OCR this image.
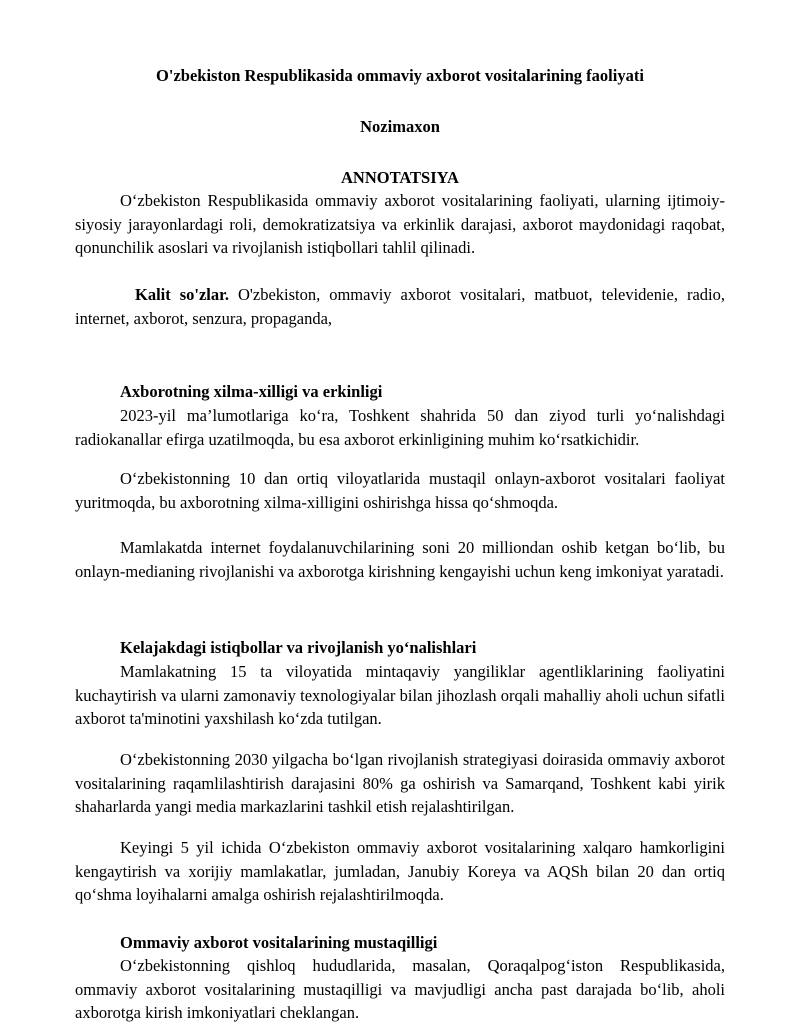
O'zbekiston Respublikasida ommaviy axborot vositalarining faoliyati
Nozimaxon
ANNOTATSIYA

O‘zbekiston Respublikasida ommaviy axborot vositalarining faoliyati, ularning ijtimoiy-siyosiy jarayonlardagi roli, demokratizatsiya va erkinlik darajasi, axborot maydonidagi raqobat, qonunchilik asoslari va rivojlanish istiqbollari tahlil qilinadi.

Kalit so'zlar. O'zbekiston, ommaviy axborot vositalari, matbuot, televidenie, radio, internet, axborot, senzura, propaganda,

Axborotning xilma-xilligi va erkinligi

2023-yil ma’lumotlariga ko‘ra, Toshkent shahrida 50 dan ziyod turli yo‘nalishdagi radiokanallar efirga uzatilmoqda, bu esa axborot erkinligining muhim ko‘rsatkichidir.

O‘zbekistonning 10 dan ortiq viloyatlarida mustaqil onlayn-axborot vositalari faoliyat yuritmoqda, bu axborotning xilma-xilligini oshirishga hissa qo‘shmoqda.

Mamlakatda internet foydalanuvchilarining soni 20 milliondan oshib ketgan bo‘lib, bu onlayn-medianing rivojlanishi va axborotga kirishning kengayishi uchun keng imkoniyat yaratadi.

Kelajakdagi istiqbollar va rivojlanish yo‘nalishlari

Mamlakatning 15 ta viloyatida mintaqaviy yangiliklar agentliklarining faoliyatini kuchaytirish va ularni zamonaviy texnologiyalar bilan jihozlash orqali mahalliy aholi uchun sifatli axborot ta'minotini yaxshilash ko‘zda tutilgan.

O‘zbekistonning 2030 yilgacha bo‘lgan rivojlanish strategiyasi doirasida ommaviy axborot vositalarining raqamlilashtirish darajasini 80% ga oshirish va Samarqand, Toshkent kabi yirik shaharlarda yangi media markazlarini tashkil etish rejalashtirilgan.

Keyingi 5 yil ichida O‘zbekiston ommaviy axborot vositalarining xalqaro hamkorligini kengaytirish va xorijiy mamlakatlar, jumladan, Janubiy Koreya va AQSh bilan 20 dan ortiq qo‘shma loyihalarni amalga oshirish rejalashtirilmoqda.

Ommaviy axborot vositalarining mustaqilligi

O‘zbekistonning qishloq hududlarida, masalan, Qoraqalpog‘iston Respublikasida, ommaviy axborot vositalarining mustaqilligi va mavjudligi ancha past darajada bo‘lib, aholi axborotga kirish imkoniyatlari cheklangan.
